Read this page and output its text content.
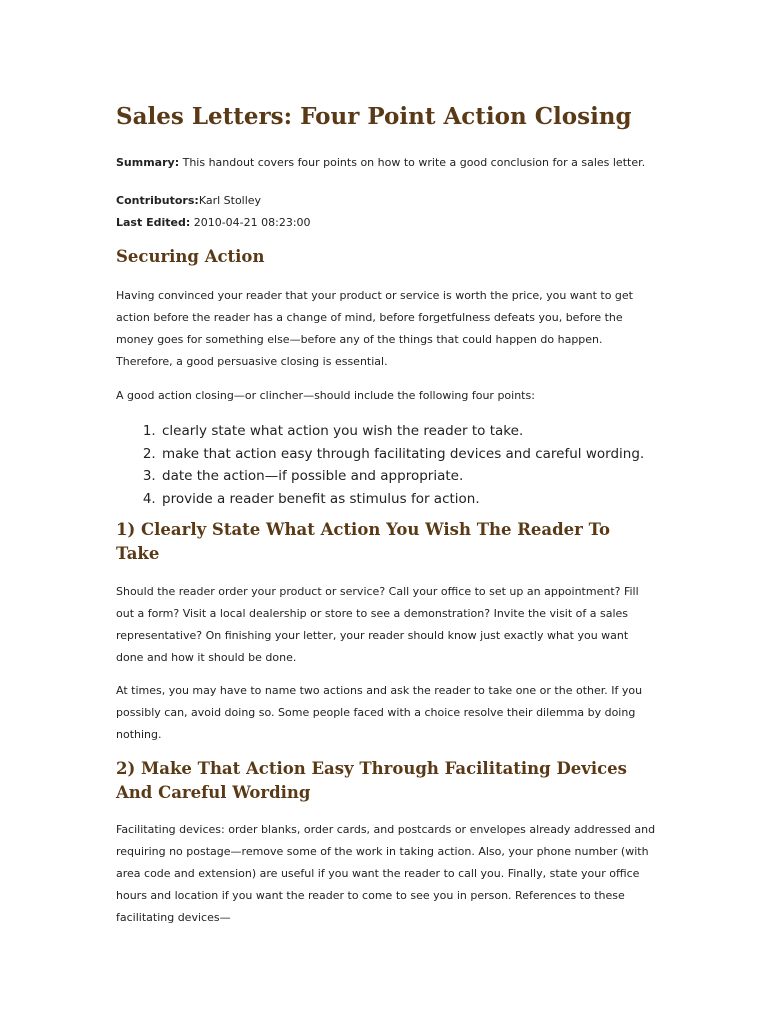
Sales Letters: Four Point Action Closing

Summary: This handout covers four points on how to write a good conclusion for a sales letter.

Contributors:Karl Stolley

Last Edited: 2010-04-21 08:23:00

Securing Action

Having convinced your reader that your product or service is worth the price, you want to get action before the reader has a change of mind, before forgetfulness defeats you, before the money goes for something else—before any of the things that could happen do happen. Therefore, a good persuasive closing is essential.

A good action closing—or clincher—should include the following four points:

1. clearly state what action you wish the reader to take.
2. make that action easy through facilitating devices and careful wording.
3. date the action—if possible and appropriate.
4. provide a reader benefit as stimulus for action.
1) Clearly State What Action You Wish The Reader To Take

Should the reader order your product or service? Call your office to set up an appointment? Fill out a form? Visit a local dealership or store to see a demonstration? Invite the visit of a sales representative? On finishing your letter, your reader should know just exactly what you want done and how it should be done.

At times, you may have to name two actions and ask the reader to take one or the other. If you possibly can, avoid doing so. Some people faced with a choice resolve their dilemma by doing nothing.

2) Make That Action Easy Through Facilitating Devices And Careful Wording

Facilitating devices: order blanks, order cards, and postcards or envelopes already addressed and requiring no postage—remove some of the work in taking action. Also, your phone number (with area code and extension) are useful if you want the reader to call you. Finally, state your office hours and location if you want the reader to come to see you in person. References to these facilitating devices—
